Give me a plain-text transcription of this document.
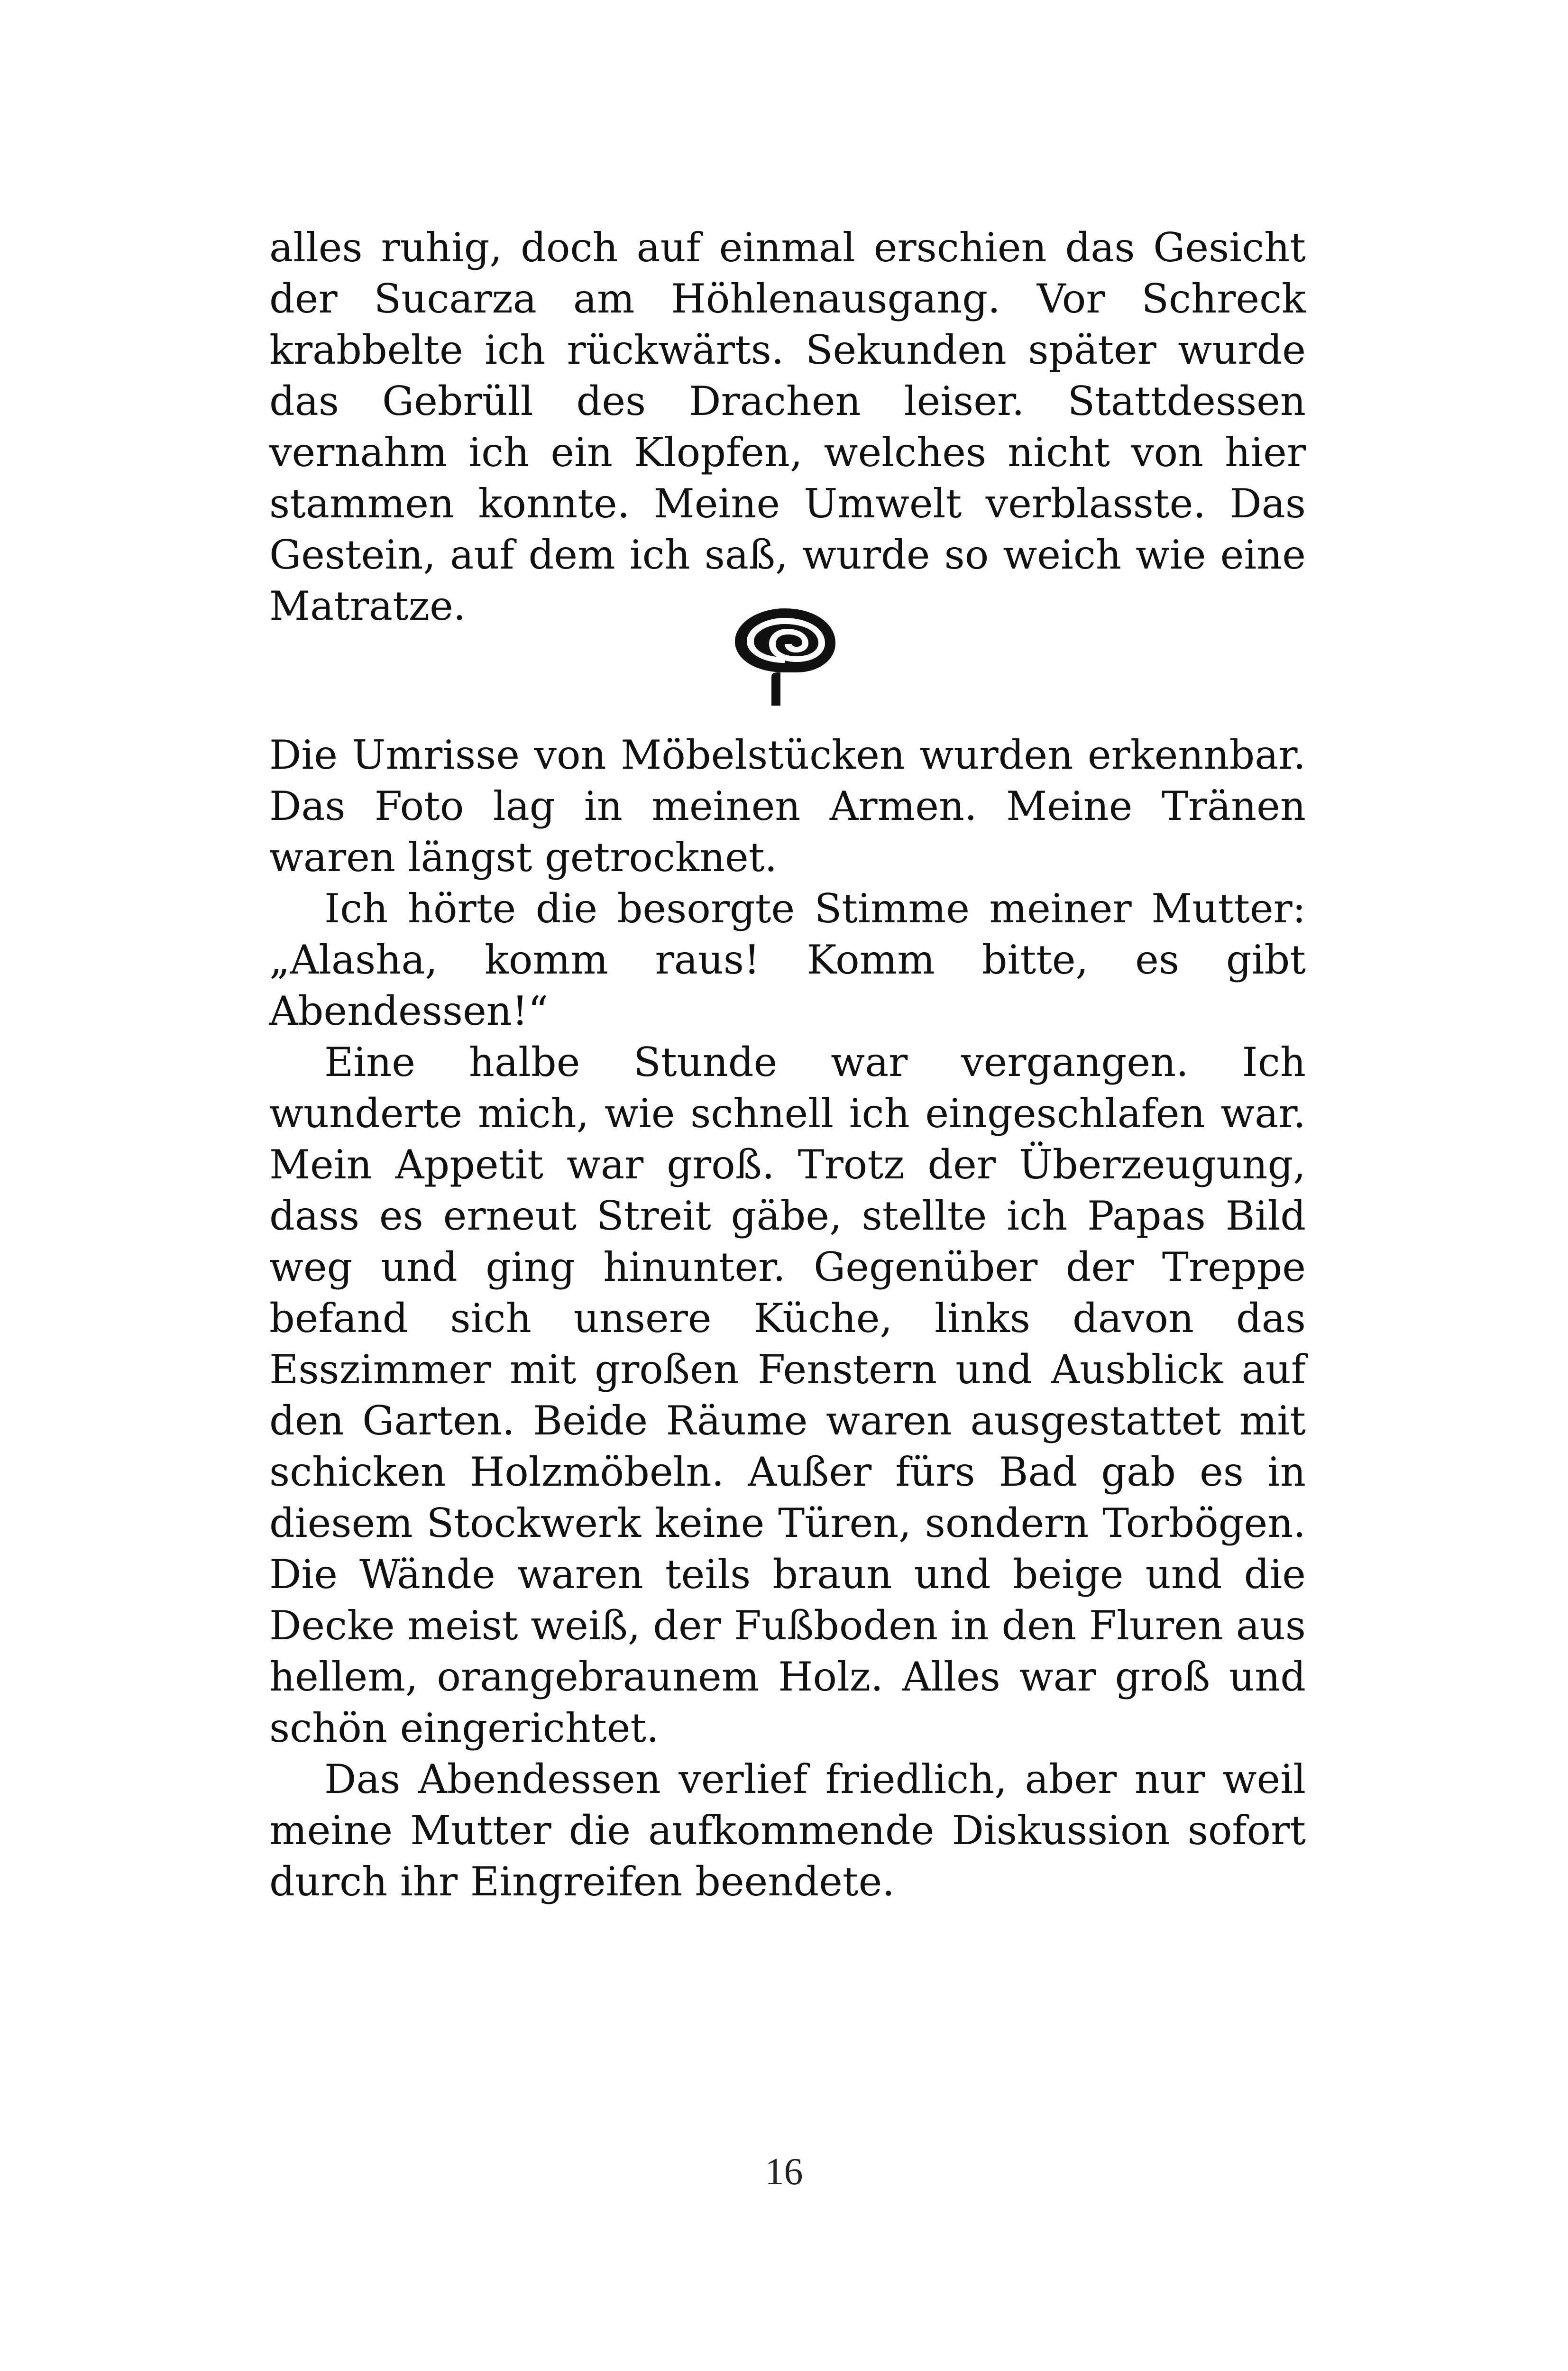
alles ruhig, doch auf einmal erschien das Gesicht der Sucarza am Höhlenausgang. Vor Schreck krabbelte ich rückwärts. Sekunden später wurde das Gebrüll des Drachen leiser. Stattdessen vernahm ich ein Klopfen, welches nicht von hier stammen konnte. Meine Umwelt verblasste. Das Gestein, auf dem ich saß, wurde so weich wie eine Matratze.

Die Umrisse von Möbelstücken wurden erkennbar. Das Foto lag in meinen Armen. Meine Tränen waren längst getrocknet.

Ich hörte die besorgte Stimme meiner Mutter: „Alasha, komm raus! Komm bitte, es gibt Abendessen!“

Eine halbe Stunde war vergangen. Ich wunderte mich, wie schnell ich eingeschlafen war. Mein Appetit war groß. Trotz der Überzeugung, dass es erneut Streit gäbe, stellte ich Papas Bild weg und ging hinunter. Gegenüber der Treppe befand sich unsere Küche, links davon das Esszimmer mit großen Fenstern und Ausblick auf den Garten. Beide Räume waren ausgestattet mit schicken Holzmöbeln. Außer fürs Bad gab es in diesem Stockwerk keine Türen, sondern Torbögen. Die Wände waren teils braun und beige und die Decke meist weiß, der Fußboden in den Fluren aus hellem, orangebraunem Holz. Alles war groß und schön eingerichtet.

Das Abendessen verlief friedlich, aber nur weil meine Mutter die aufkommende Diskussion sofort durch ihr Eingreifen beendete.

16
